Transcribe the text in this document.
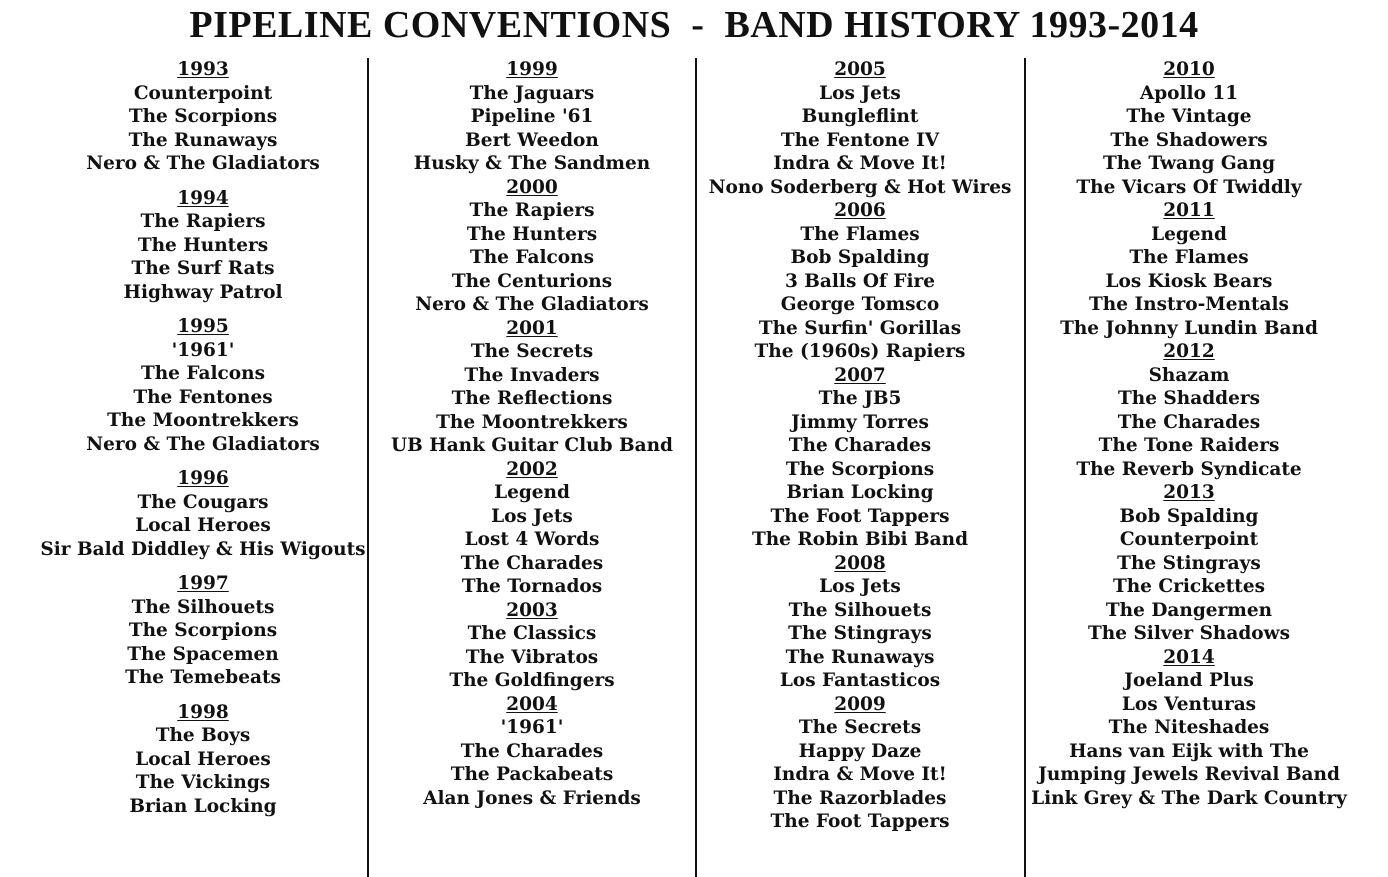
PIPELINE CONVENTIONS  -  BAND HISTORY 1993-2014
1993
Counterpoint
The Scorpions
The Runaways
Nero & The Gladiators
1994
The Rapiers
The Hunters
The Surf Rats
Highway Patrol
1995
'1961'
The Falcons
The Fentones
The Moontrekkers
Nero & The Gladiators
1996
The Cougars
Local Heroes
Sir Bald Diddley & His Wigouts
1997
The Silhouets
The Scorpions
The Spacemen
The Temebeats
1998
The Boys
Local Heroes
The Vickings
Brian Locking
1999
The Jaguars
Pipeline '61
Bert Weedon
Husky & The Sandmen
2000
The Rapiers
The Hunters
The Falcons
The Centurions
Nero & The Gladiators
2001
The Secrets
The Invaders
The Reflections
The Moontrekkers
UB Hank Guitar Club Band
2002
Legend
Los Jets
Lost 4 Words
The Charades
The Tornados
2003
The Classics
The Vibratos
The Goldfingers
2004
'1961'
The Charades
The Packabeats
Alan Jones & Friends
2005
Los Jets
Bungleflint
The Fentone IV
Indra & Move It!
Nono Soderberg & Hot Wires
2006
The Flames
Bob Spalding
3 Balls Of Fire
George Tomsco
The Surfin' Gorillas
The (1960s) Rapiers
2007
The JB5
Jimmy Torres
The Charades
The Scorpions
Brian Locking
The Foot Tappers
The Robin Bibi Band
2008
Los Jets
The Silhouets
The Stingrays
The Runaways
Los Fantasticos
2009
The Secrets
Happy Daze
Indra & Move It!
The Razorblades
The Foot Tappers
2010
Apollo 11
The Vintage
The Shadowers
The Twang Gang
The Vicars Of Twiddly
2011
Legend
The Flames
Los Kiosk Bears
The Instro-Mentals
The Johnny Lundin Band
2012
Shazam
The Shadders
The Charades
The Tone Raiders
The Reverb Syndicate
2013
Bob Spalding
Counterpoint
The Stingrays
The Crickettes
The Dangermen
The Silver Shadows
2014
Joeland Plus
Los Venturas
The Niteshades
Hans van Eijk with The
Jumping Jewels Revival Band
Link Grey & The Dark Country
